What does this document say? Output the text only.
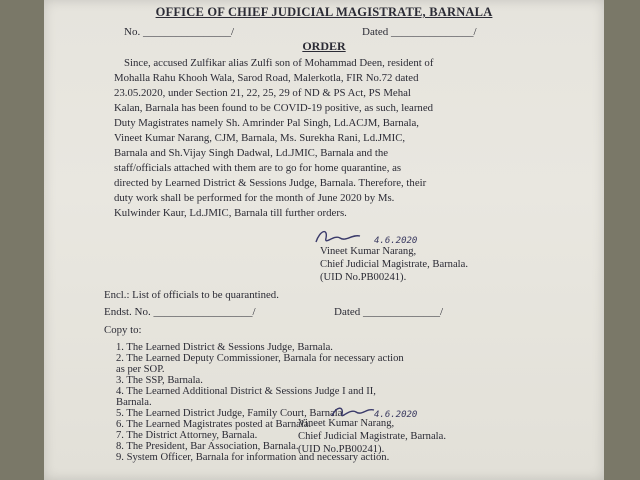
OFFICE OF CHIEF JUDICIAL MAGISTRATE, BARNALA
No. ________________/	Dated _______________/
ORDER
Since, accused Zulfikar alias Zulfi son of Mohammad Deen, resident of
Mohalla Rahu Khooh Wala, Sarod Road, Malerkotla, FIR No.72 dated
23.05.2020, under Section 21, 22, 25, 29 of ND & PS Act, PS Mehal
Kalan, Barnala has been found to be COVID-19 positive, as such, learned
Duty Magistrates namely Sh. Amrinder Pal Singh, Ld.ACJM, Barnala,
Vineet Kumar Narang, CJM, Barnala, Ms. Surekha Rani, Ld.JMIC,
Barnala and Sh.Vijay Singh Dadwal, Ld.JMIC, Barnala and the
staff/officials attached with them are to go for home quarantine, as
directed by Learned District & Sessions Judge, Barnala. Therefore, their
duty work shall be performed for the month of June 2020 by Ms.
Kulwinder Kaur, Ld.JMIC, Barnala till further orders.
4.6.2020
Vineet Kumar Narang,
Chief Judicial Magistrate, Barnala.
(UID No.PB00241).
Encl.: List of officials to be quarantined.
Endst. No. __________________/	Dated ______________/
Copy to:
1. The Learned District & Sessions Judge, Barnala.
2. The Learned Deputy Commissioner, Barnala for necessary action
as per SOP.
3. The SSP, Barnala.
4. The Learned Additional District & Sessions Judge I and II,
Barnala.
5. The Learned District Judge, Family Court, Barnala.
6. The Learned Magistrates posted at Barnala.
7. The District Attorney, Barnala.
8. The President, Bar Association, Barnala.
9. System Officer, Barnala for information and necessary action.
4.6.2020
Vineet Kumar Narang,
Chief Judicial Magistrate, Barnala.
(UID No.PB00241).
